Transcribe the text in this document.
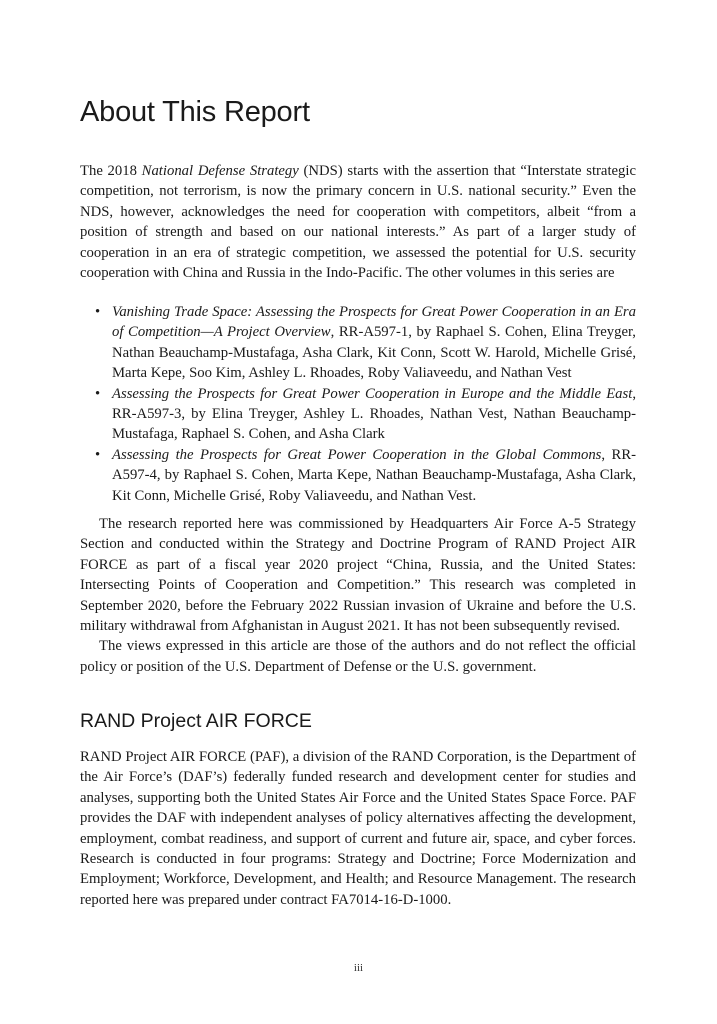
About This Report

The 2018 National Defense Strategy (NDS) starts with the assertion that “Interstate strategic competition, not terrorism, is now the primary concern in U.S. national security.” Even the NDS, however, acknowledges the need for cooperation with competitors, albeit “from a position of strength and based on our national interests.” As part of a larger study of cooperation in an era of strategic competition, we assessed the potential for U.S. security cooperation with China and Russia in the Indo-Pacific. The other volumes in this series are

• Vanishing Trade Space: Assessing the Prospects for Great Power Cooperation in an Era of Competition—A Project Overview, RR-A597-1, by Raphael S. Cohen, Elina Treyger, Nathan Beauchamp-Mustafaga, Asha Clark, Kit Conn, Scott W. Harold, Michelle Grisé, Marta Kepe, Soo Kim, Ashley L. Rhoades, Roby Valiaveedu, and Nathan Vest
• Assessing the Prospects for Great Power Cooperation in Europe and the Middle East, RR-A597-3, by Elina Treyger, Ashley L. Rhoades, Nathan Vest, Nathan Beauchamp-Mustafaga, Raphael S. Cohen, and Asha Clark
• Assessing the Prospects for Great Power Cooperation in the Global Commons, RR-A597-4, by Raphael S. Cohen, Marta Kepe, Nathan Beauchamp-Mustafaga, Asha Clark, Kit Conn, Michelle Grisé, Roby Valiaveedu, and Nathan Vest.

The research reported here was commissioned by Headquarters Air Force A-5 Strategy Section and conducted within the Strategy and Doctrine Program of RAND Project AIR FORCE as part of a fiscal year 2020 project “China, Russia, and the United States: Intersecting Points of Cooperation and Competition.” This research was completed in September 2020, before the February 2022 Russian invasion of Ukraine and before the U.S. military withdrawal from Afghanistan in August 2021. It has not been subsequently revised.

The views expressed in this article are those of the authors and do not reflect the official policy or position of the U.S. Department of Defense or the U.S. government.

RAND Project AIR FORCE

RAND Project AIR FORCE (PAF), a division of the RAND Corporation, is the Department of the Air Force’s (DAF’s) federally funded research and development center for studies and analyses, supporting both the United States Air Force and the United States Space Force. PAF provides the DAF with independent analyses of policy alternatives affecting the development, employment, combat readiness, and support of current and future air, space, and cyber forces. Research is conducted in four programs: Strategy and Doctrine; Force Modernization and Employment; Workforce, Development, and Health; and Resource Management. The research reported here was prepared under contract FA7014-16-D-1000.

iii
